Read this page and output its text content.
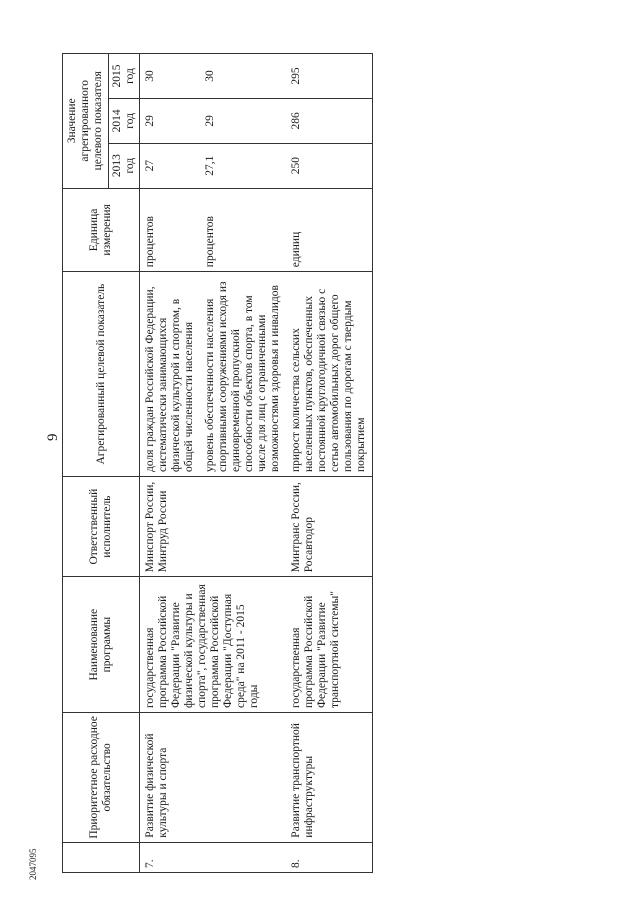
9
2047095
	Приоритетное расходное обязательство	Наименование программы	Ответственный исполнитель	Агрегированный целевой показатель	Единица измерения	Значение агрегированного целевого показателя		
						2013 год	2014 год	2015 год
7.	Развитие физической культуры и спорта	государственная программа Российской Федерации "Развитие физической культуры и спорта", государственная программа Российской Федерации "Доступная среда" на 2011 - 2015 годы	Минспорт России, Минтруд России	доля граждан Российской Федерации, систематически занимающихся физической культурой и спортом, в общей численности населения	процентов	27	29	30
				уровень обеспеченности населения спортивными сооружениями исходя из единовременной пропускной способности объектов спорта, в том числе для лиц с ограниченными возможностями здоровья и инвалидов	процентов	27,1	29	30
8.	Развитие транспортной инфраструктуры	государственная программа Российской Федерации "Развитие транспортной системы"	Минтранс России, Росавтодор	прирост количества сельских населенных пунктов, обеспеченных постоянной круглогодичной связью с сетью автомобильных дорог общего пользования по дорогам с твердым покрытием	единиц	250	286	295
